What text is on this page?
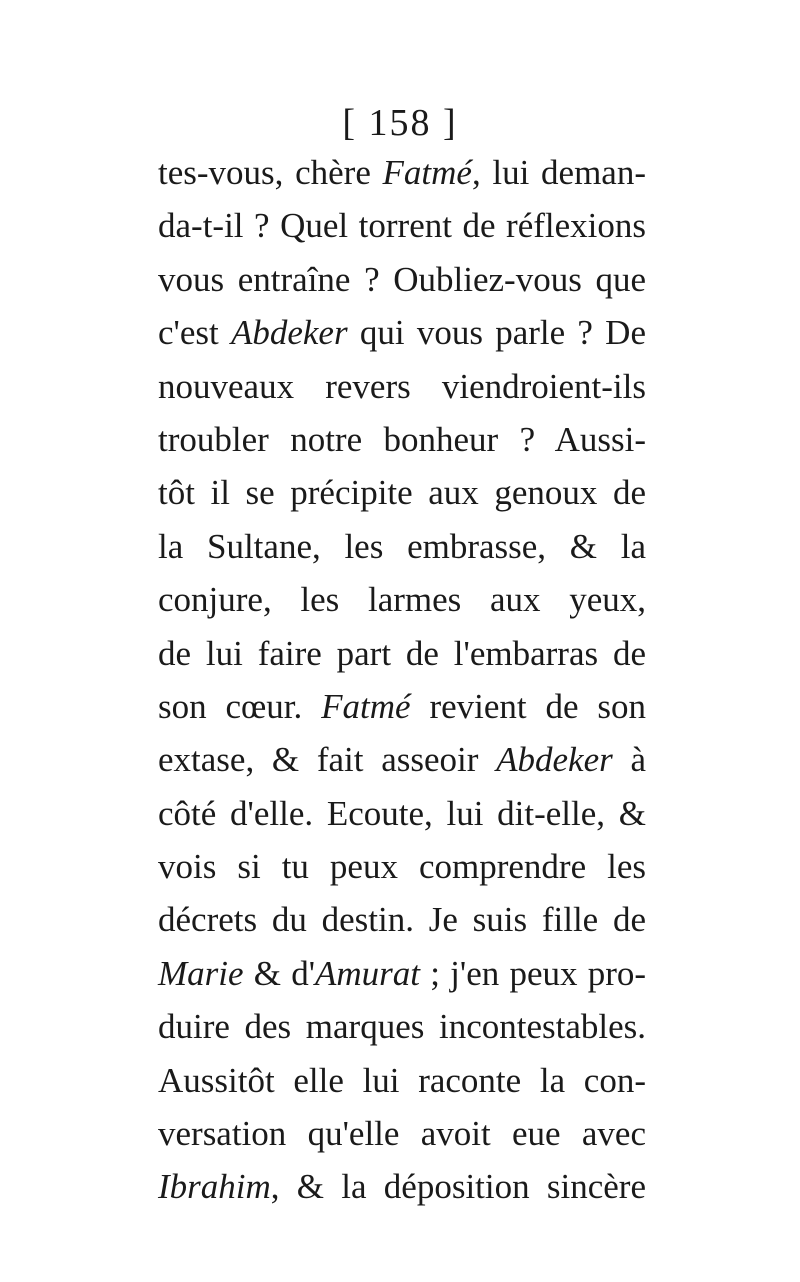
[ 158 ]
tes-vous, chère Fatmé, lui deman-
da-t-il ? Quel torrent de réflexions
vous entraîne ? Oubliez-vous que
c'est Abdeker qui vous parle ? De
nouveaux revers viendroient-ils
troubler notre bonheur ? Aussi-
tôt il se précipite aux genoux de
la Sultane, les embrasse, & la
conjure, les larmes aux yeux,
de lui faire part de l'embarras de
son cœur. Fatmé revient de son
extase, & fait asseoir Abdeker à
côté d'elle. Ecoute, lui dit-elle, &
vois si tu peux comprendre les
décrets du destin. Je suis fille de
Marie & d'Amurat ; j'en peux pro-
duire des marques incontestables.
Aussitôt elle lui raconte la con-
versation qu'elle avoit eue avec
Ibrahim, & la déposition sincère
